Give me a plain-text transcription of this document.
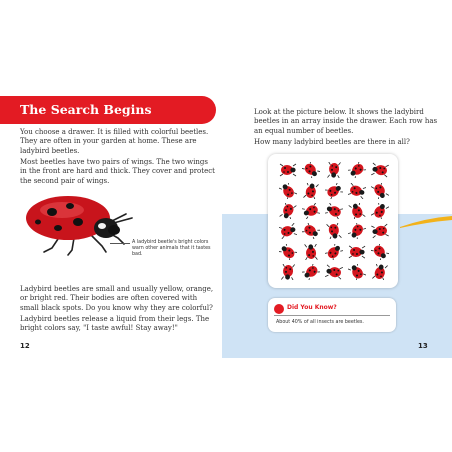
The Search Begins

You choose a drawer. It is filled with colorful beetles. They are often in your garden at home. These are ladybird beetles.

Most beetles have two pairs of wings. The two wings in the front are hard and thick. They cover and protect the second pair of wings.

Ladybird beetles are small and usually yellow, orange, or bright red. Their bodies are often covered with small black spots. Do you know why they are colorful?

Ladybird beetles release a liquid from their legs. The bright colors say, "I taste awful! Stay away!"

A ladybird beetle's bright colors warn other animals that it tastes bad.
12

Look at the picture below. It shows the ladybird beetles in an array inside the drawer. Each row has an equal number of beetles.

How many ladybird beetles are there in all?

Did You Know?
About 40% of all insects are beetles.
13
